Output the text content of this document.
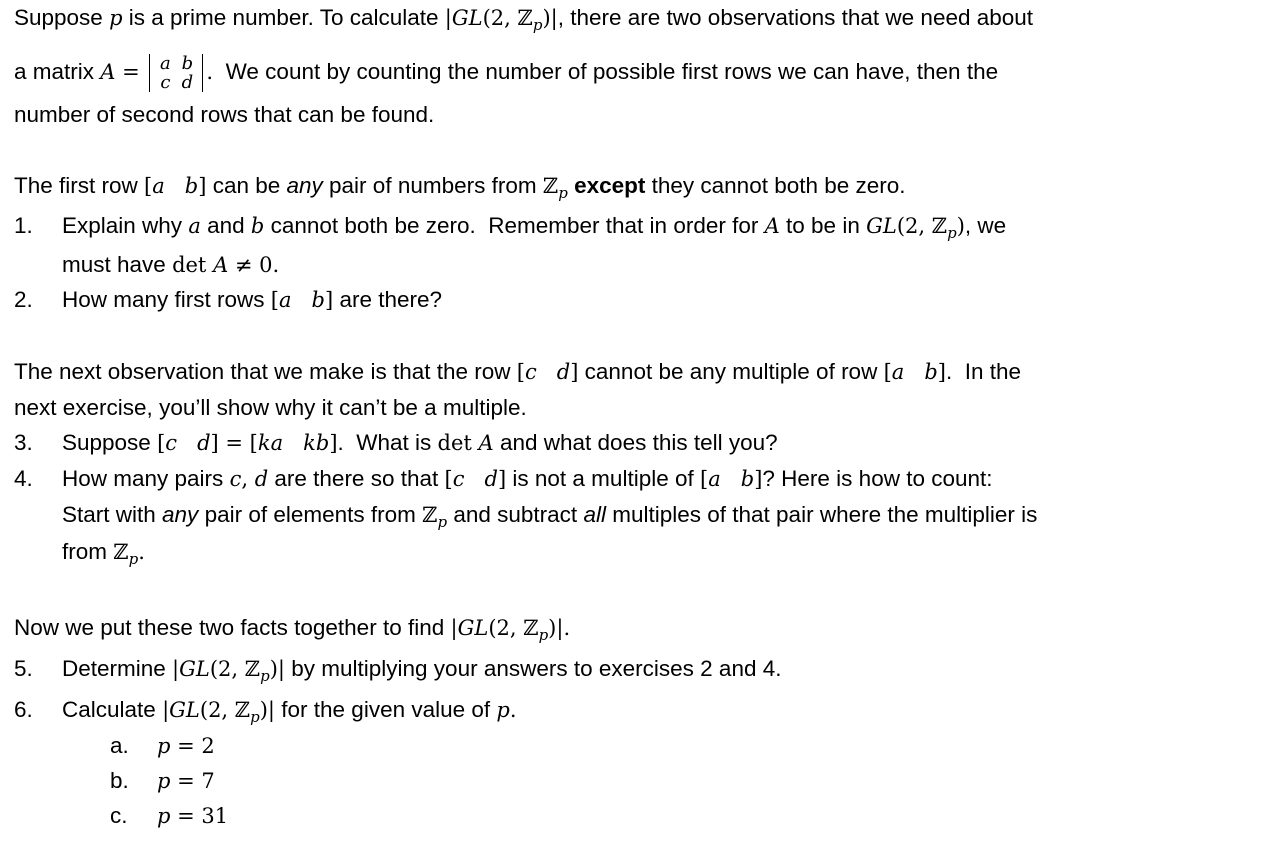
Suppose p is a prime number. To calculate |GL(2, ℤ$_p$)|, there are two observations that we need about
a matrix A = a b
c d .  We count by counting the number of possible first rows we can have, then the
number of second rows that can be found.
The first row [a   b] can be any pair of numbers from ℤ$_p$ except they cannot both be zero.
1. Explain why a and b cannot both be zero.  Remember that in order for A to be in GL(2, ℤ$_p$), we
must have det A ≠ 0.
2. How many first rows [a   b] are there?
The next observation that we make is that the row [c   d] cannot be any multiple of row [a   b].  In the
next exercise, you’ll show why it can’t be a multiple.
3. Suppose [c   d] = [ka   kb].  What is det A and what does this tell you?
4. How many pairs c, d are there so that [c   d] is not a multiple of [a   b]? Here is how to count:
Start with any pair of elements from ℤ$_p$ and subtract all multiples of that pair where the multiplier is
from ℤ$_p$.
Now we put these two facts together to find |GL(2, ℤ$_p$)|.
5. Determine |GL(2, ℤ$_p$)| by multiplying your answers to exercises 2 and 4.
6. Calculate |GL(2, ℤ$_p$)| for the given value of p.
a. p = 2
b. p = 7
c. p = 31
